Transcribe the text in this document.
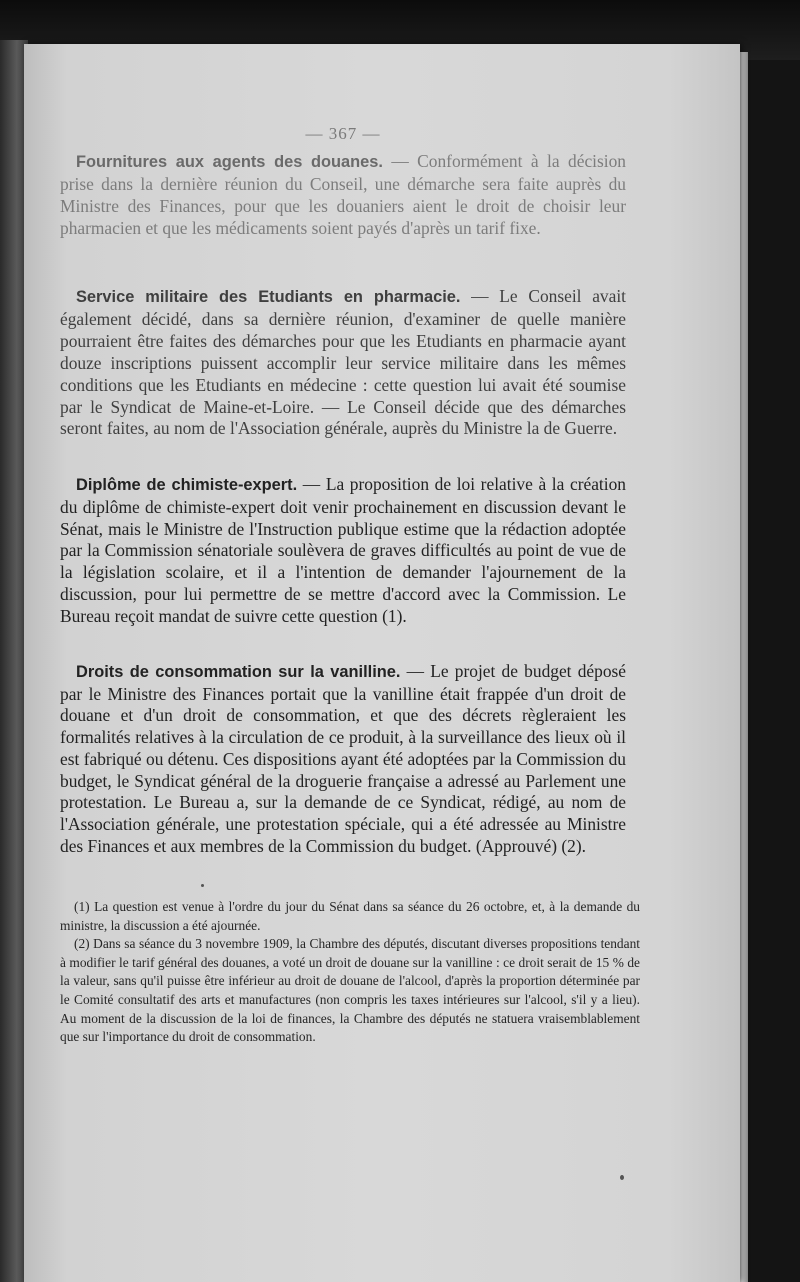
— 367 —

Fournitures aux agents des douanes. — Conformément à la décision prise dans la dernière réunion du Conseil, une démarche sera faite auprès du Ministre des Finances, pour que les douaniers aient le droit de choisir leur pharmacien et que les médicaments soient payés d'après un tarif fixe.

Service militaire des Etudiants en pharmacie. — Le Conseil avait également décidé, dans sa dernière réunion, d'examiner de quelle manière pourraient être faites des démarches pour que les Etudiants en pharmacie ayant douze inscriptions puissent accomplir leur service militaire dans les mêmes conditions que les Etudiants en médecine : cette question lui avait été soumise par le Syndicat de Maine-et-Loire. — Le Conseil décide que des démarches seront faites, au nom de l'Association générale, auprès du Ministre la de Guerre.

Diplôme de chimiste-expert. — La proposition de loi relative à la création du diplôme de chimiste-expert doit venir prochainement en discussion devant le Sénat, mais le Ministre de l'Instruction publique estime que la rédaction adoptée par la Commission sénatoriale soulèvera de graves difficultés au point de vue de la législation scolaire, et il a l'intention de demander l'ajournement de la discussion, pour lui permettre de se mettre d'accord avec la Commission. Le Bureau reçoit mandat de suivre cette question (1).

Droits de consommation sur la vanilline. — Le projet de budget déposé par le Ministre des Finances portait que la vanilline était frappée d'un droit de douane et d'un droit de consommation, et que des décrets règleraient les formalités relatives à la circulation de ce produit, à la surveillance des lieux où il est fabriqué ou détenu. Ces dispositions ayant été adoptées par la Commission du budget, le Syndicat général de la droguerie française a adressé au Parlement une protestation. Le Bureau a, sur la demande de ce Syndicat, rédigé, au nom de l'Association générale, une protestation spéciale, qui a été adressée au Ministre des Finances et aux membres de la Commission du budget. (Approuvé) (2).

(1) La question est venue à l'ordre du jour du Sénat dans sa séance du 26 octobre, et, à la demande du ministre, la discussion a été ajournée.

(2) Dans sa séance du 3 novembre 1909, la Chambre des députés, discutant diverses propositions tendant à modifier le tarif général des douanes, a voté un droit de douane sur la vanilline : ce droit serait de 15 % de la valeur, sans qu'il puisse être inférieur au droit de douane de l'alcool, d'après la proportion déterminée par le Comité consultatif des arts et manufactures (non compris les taxes intérieures sur l'alcool, s'il y a lieu). Au moment de la discussion de la loi de finances, la Chambre des députés ne statuera vraisemblablement que sur l'importance du droit de consommation.
